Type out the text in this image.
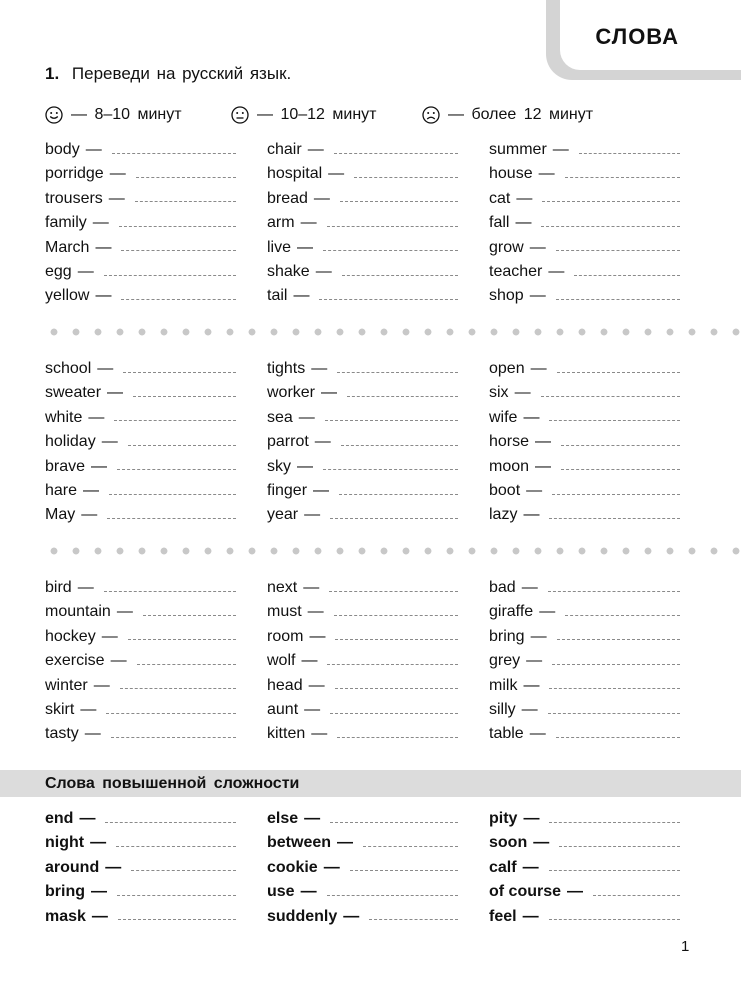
СЛОВА
1. Переведи на русский язык.
— 8–10 минут	— 10–12 минут	— более 12 минут
body —
porridge —
trousers —
family —
March —
egg —
yellow —
chair —
hospital —
bread —
arm —
live —
shake —
tail —
summer —
house —
cat —
fall —
grow —
teacher —
shop —
school —
sweater —
white —
holiday —
brave —
hare —
May —
tights —
worker —
sea —
parrot —
sky —
finger —
year —
open —
six —
wife —
horse —
moon —
boot —
lazy —
bird —
mountain —
hockey —
exercise —
winter —
skirt —
tasty —
next —
must —
room —
wolf —
head —
aunt —
kitten —
bad —
giraffe —
bring —
grey —
milk —
silly —
table —
end —
night —
around —
bring —
mask —
else —
between —
cookie —
use —
suddenly —
pity —
soon —
calf —
of course —
feel —
Слова повышенной сложности
1
